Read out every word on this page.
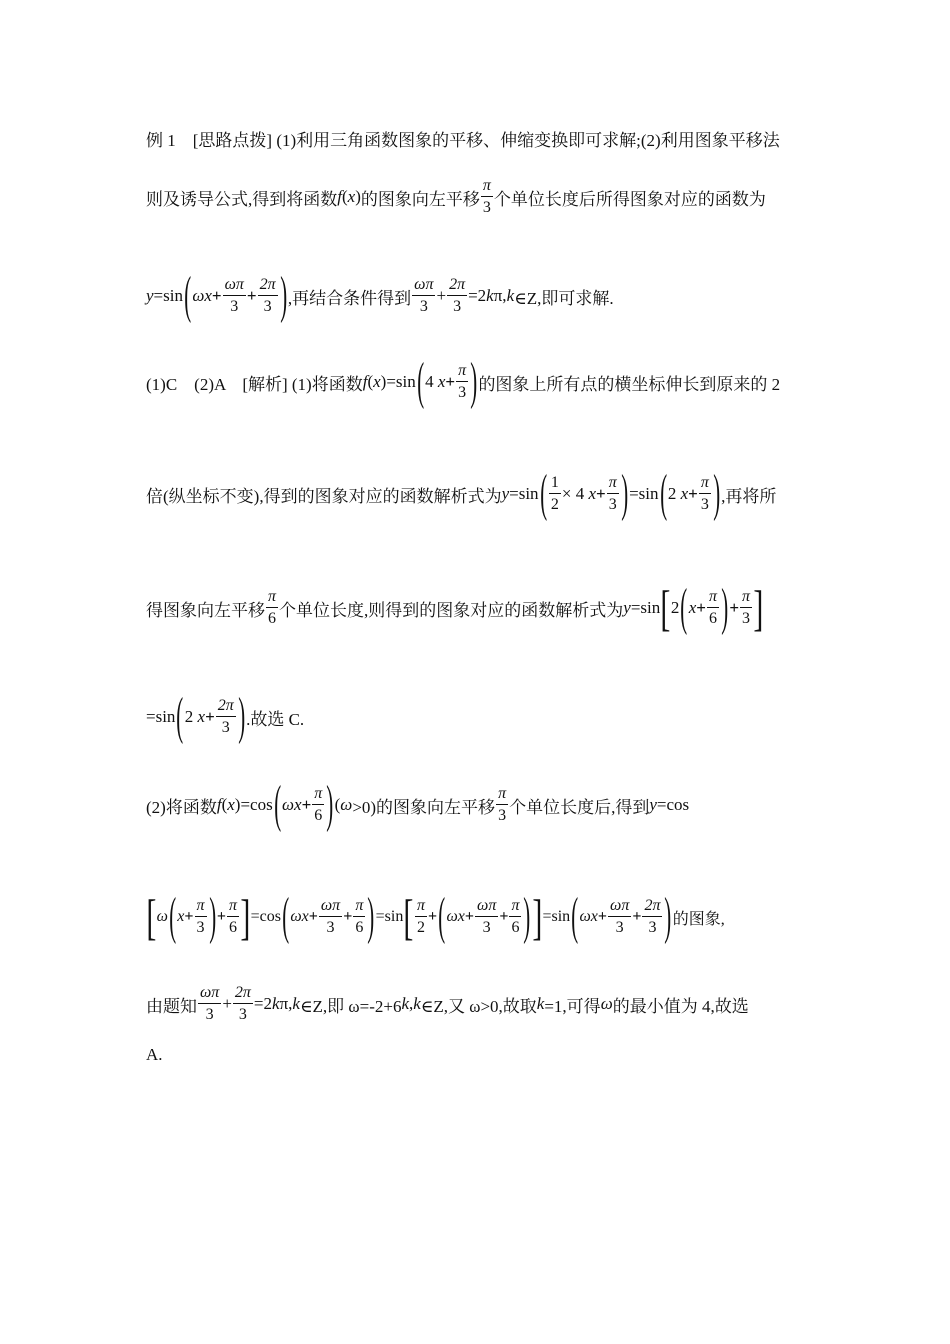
例 1　[思路点拨] (1)利用三角函数图象的平移、伸缩变换即可求解;(2)利用图象平移法
则及诱导公式,得到将函数 f ( x ) 的图象向左平移
π
3 个单位长度后所得图象对应的函数为
y =sin ( ω $x + \frac{\omega\pi}{3} + \frac{2\pi}{3}$ ) ,再结合条件得到
ωπ
3
+ $\frac{2\pi}{3} =2$ k π, k ∈Z,即可求解.
(1)C　(2)A　[解析] (1)将函数 f ( x ) =sin ( 4
$x + \frac{\pi}{3}$ ) 的图象上所有点的横坐标伸长到原来的 2
倍(纵坐标不变),得到的图象对应的函数解析式为 y =sin ( $\frac{1}{2} \times 4$
$x + \frac{\pi}{3}$ ) =sin ( 2
$x + \frac{\pi}{3}$ ) ,再将所
得图象向左平移
π
6 个单位长度,则得到的图象对应的函数解析式为 y =sin [ 2 ( $x + \frac{\pi}{6}$ ) + $\frac{\pi}{3}$ ]
=sin ( 2
$x + \frac{2\pi}{3}$ ) .故选 C.
(2)将函数 f ( x ) =cos ( ω $x + \frac{\pi}{6}$ ) ( ω >0)的图象向左平移
π
3 个单位长度后,得到 y =cos
[ ω ( $x + \frac{\pi}{3}$ ) + $\frac{\pi}{6}$ ] =cos ( ω $x + \frac{\omega\pi}{3} + \frac{\pi}{6}$ ) =sin [ π
2
+ ( ω $x + \frac{\omega\pi}{3} + \frac{\pi}{6}$ ) ] =sin ( ω $x + \frac{\omega\pi}{3} + \frac{2\pi}{3}$ ) 的图象,
由题知
ωπ
3
+ $\frac{2\pi}{3} =2$ k π, k ∈Z,即 ω=-2+6 k , k ∈Z,又 ω>0,故取 k =1,可得 ω 的最小值为 4,故选
A.
